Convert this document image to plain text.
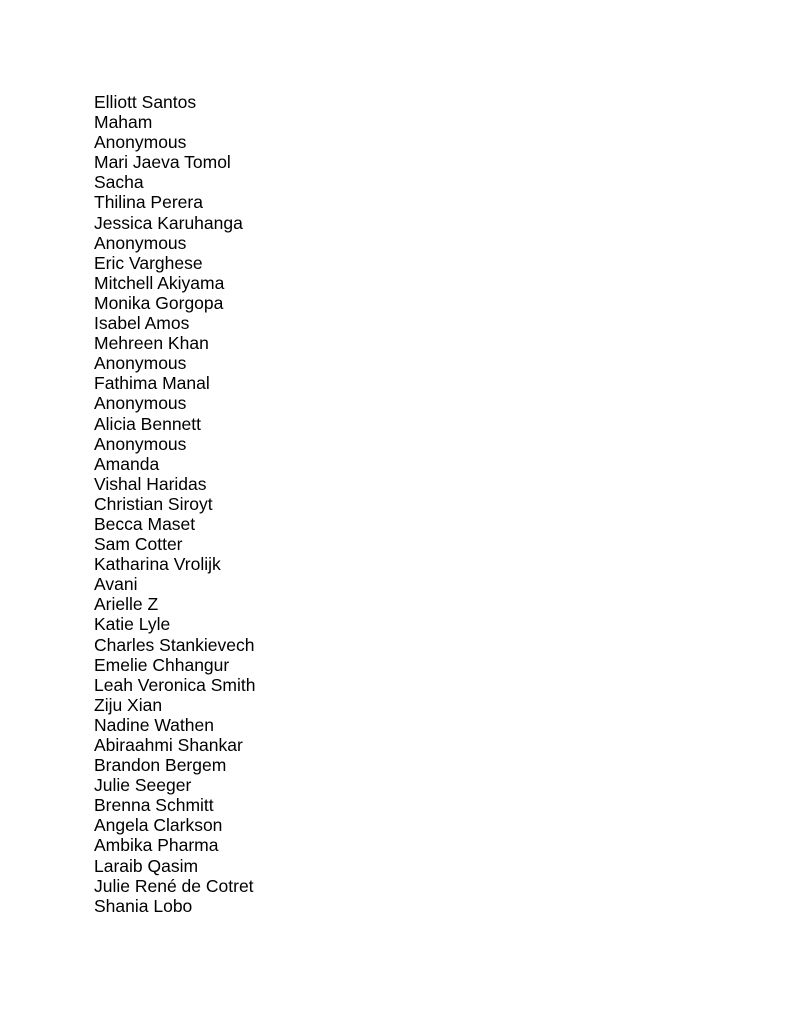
Elliott Santos
Maham
Anonymous
Mari Jaeva Tomol
Sacha
Thilina Perera
Jessica Karuhanga
Anonymous
Eric Varghese
Mitchell Akiyama
Monika Gorgopa
Isabel Amos
Mehreen Khan
Anonymous
Fathima Manal
Anonymous
Alicia Bennett
Anonymous
Amanda
Vishal Haridas
Christian Siroyt
Becca Maset
Sam Cotter
Katharina Vrolijk
Avani
Arielle Z
Katie Lyle
Charles Stankievech
Emelie Chhangur
Leah Veronica Smith
Ziju Xian
Nadine Wathen
Abiraahmi Shankar
Brandon Bergem
Julie Seeger
Brenna Schmitt
Angela Clarkson
Ambika Pharma
Laraib Qasim
Julie René de Cotret
Shania Lobo
